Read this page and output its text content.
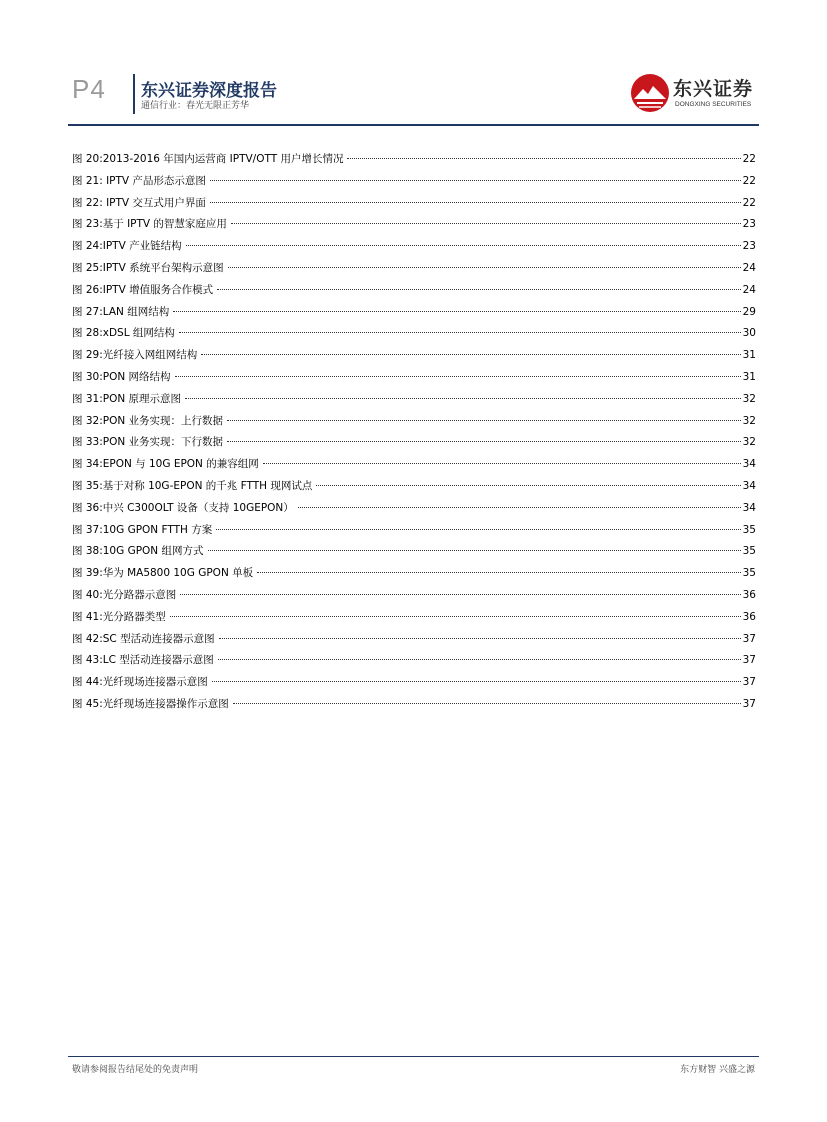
P4 东兴证券深度报告
通信行业：春光无限正芳华
东兴证券
DONGXING SECURITIES
图 20:2013-2016 年国内运营商 IPTV/OTT 用户增长情况	22
图 21: IPTV 产品形态示意图	22
图 22: IPTV 交互式用户界面	22
图 23:基于 IPTV 的智慧家庭应用	23
图 24:IPTV 产业链结构	23
图 25:IPTV 系统平台架构示意图	24
图 26:IPTV 增值服务合作模式	24
图 27:LAN 组网结构	29
图 28:xDSL 组网结构	30
图 29:光纤接入网组网结构	31
图 30:PON 网络结构	31
图 31:PON 原理示意图	32
图 32:PON 业务实现：上行数据	32
图 33:PON 业务实现：下行数据	32
图 34:EPON 与 10G EPON 的兼容组网	34
图 35:基于对称 10G-EPON 的千兆 FTTH 现网试点	34
图 36:中兴 C300OLT 设备（支持 10GEPON）	34
图 37:10G GPON FTTH 方案	35
图 38:10G GPON 组网方式	35
图 39:华为 MA5800 10G GPON 单板	35
图 40:光分路器示意图	36
图 41:光分路器类型	36
图 42:SC 型活动连接器示意图	37
图 43:LC 型活动连接器示意图	37
图 44:光纤现场连接器示意图	37
图 45:光纤现场连接器操作示意图	37
敬请参阅报告结尾处的免责声明	东方财智 兴盛之源
